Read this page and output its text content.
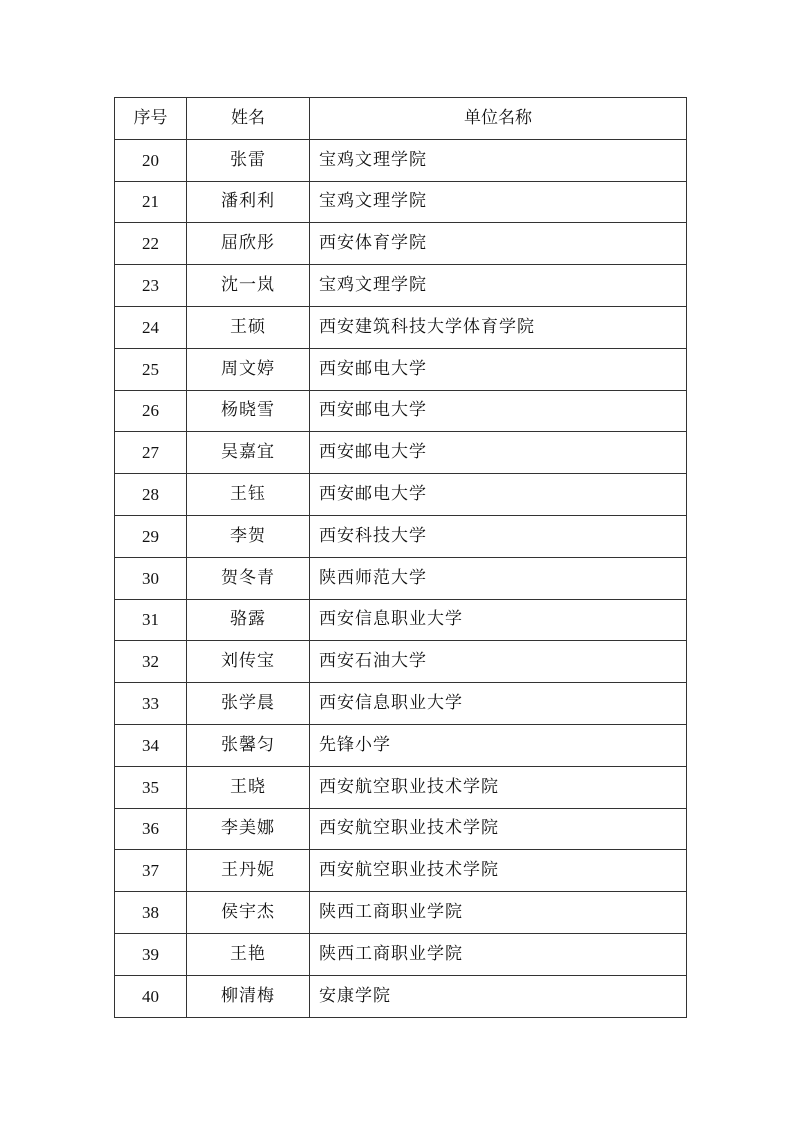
序号	姓名	单位名称
20	张雷	宝鸡文理学院
21	潘利利	宝鸡文理学院
22	屈欣彤	西安体育学院
23	沈一岚	宝鸡文理学院
24	王硕	西安建筑科技大学体育学院
25	周文婷	西安邮电大学
26	杨晓雪	西安邮电大学
27	吴嘉宜	西安邮电大学
28	王钰	西安邮电大学
29	李贺	西安科技大学
30	贺冬青	陕西师范大学
31	骆露	西安信息职业大学
32	刘传宝	西安石油大学
33	张学晨	西安信息职业大学
34	张馨匀	先锋小学
35	王晓	西安航空职业技术学院
36	李美娜	西安航空职业技术学院
37	王丹妮	西安航空职业技术学院
38	侯宇杰	陕西工商职业学院
39	王艳	陕西工商职业学院
40	柳清梅	安康学院
